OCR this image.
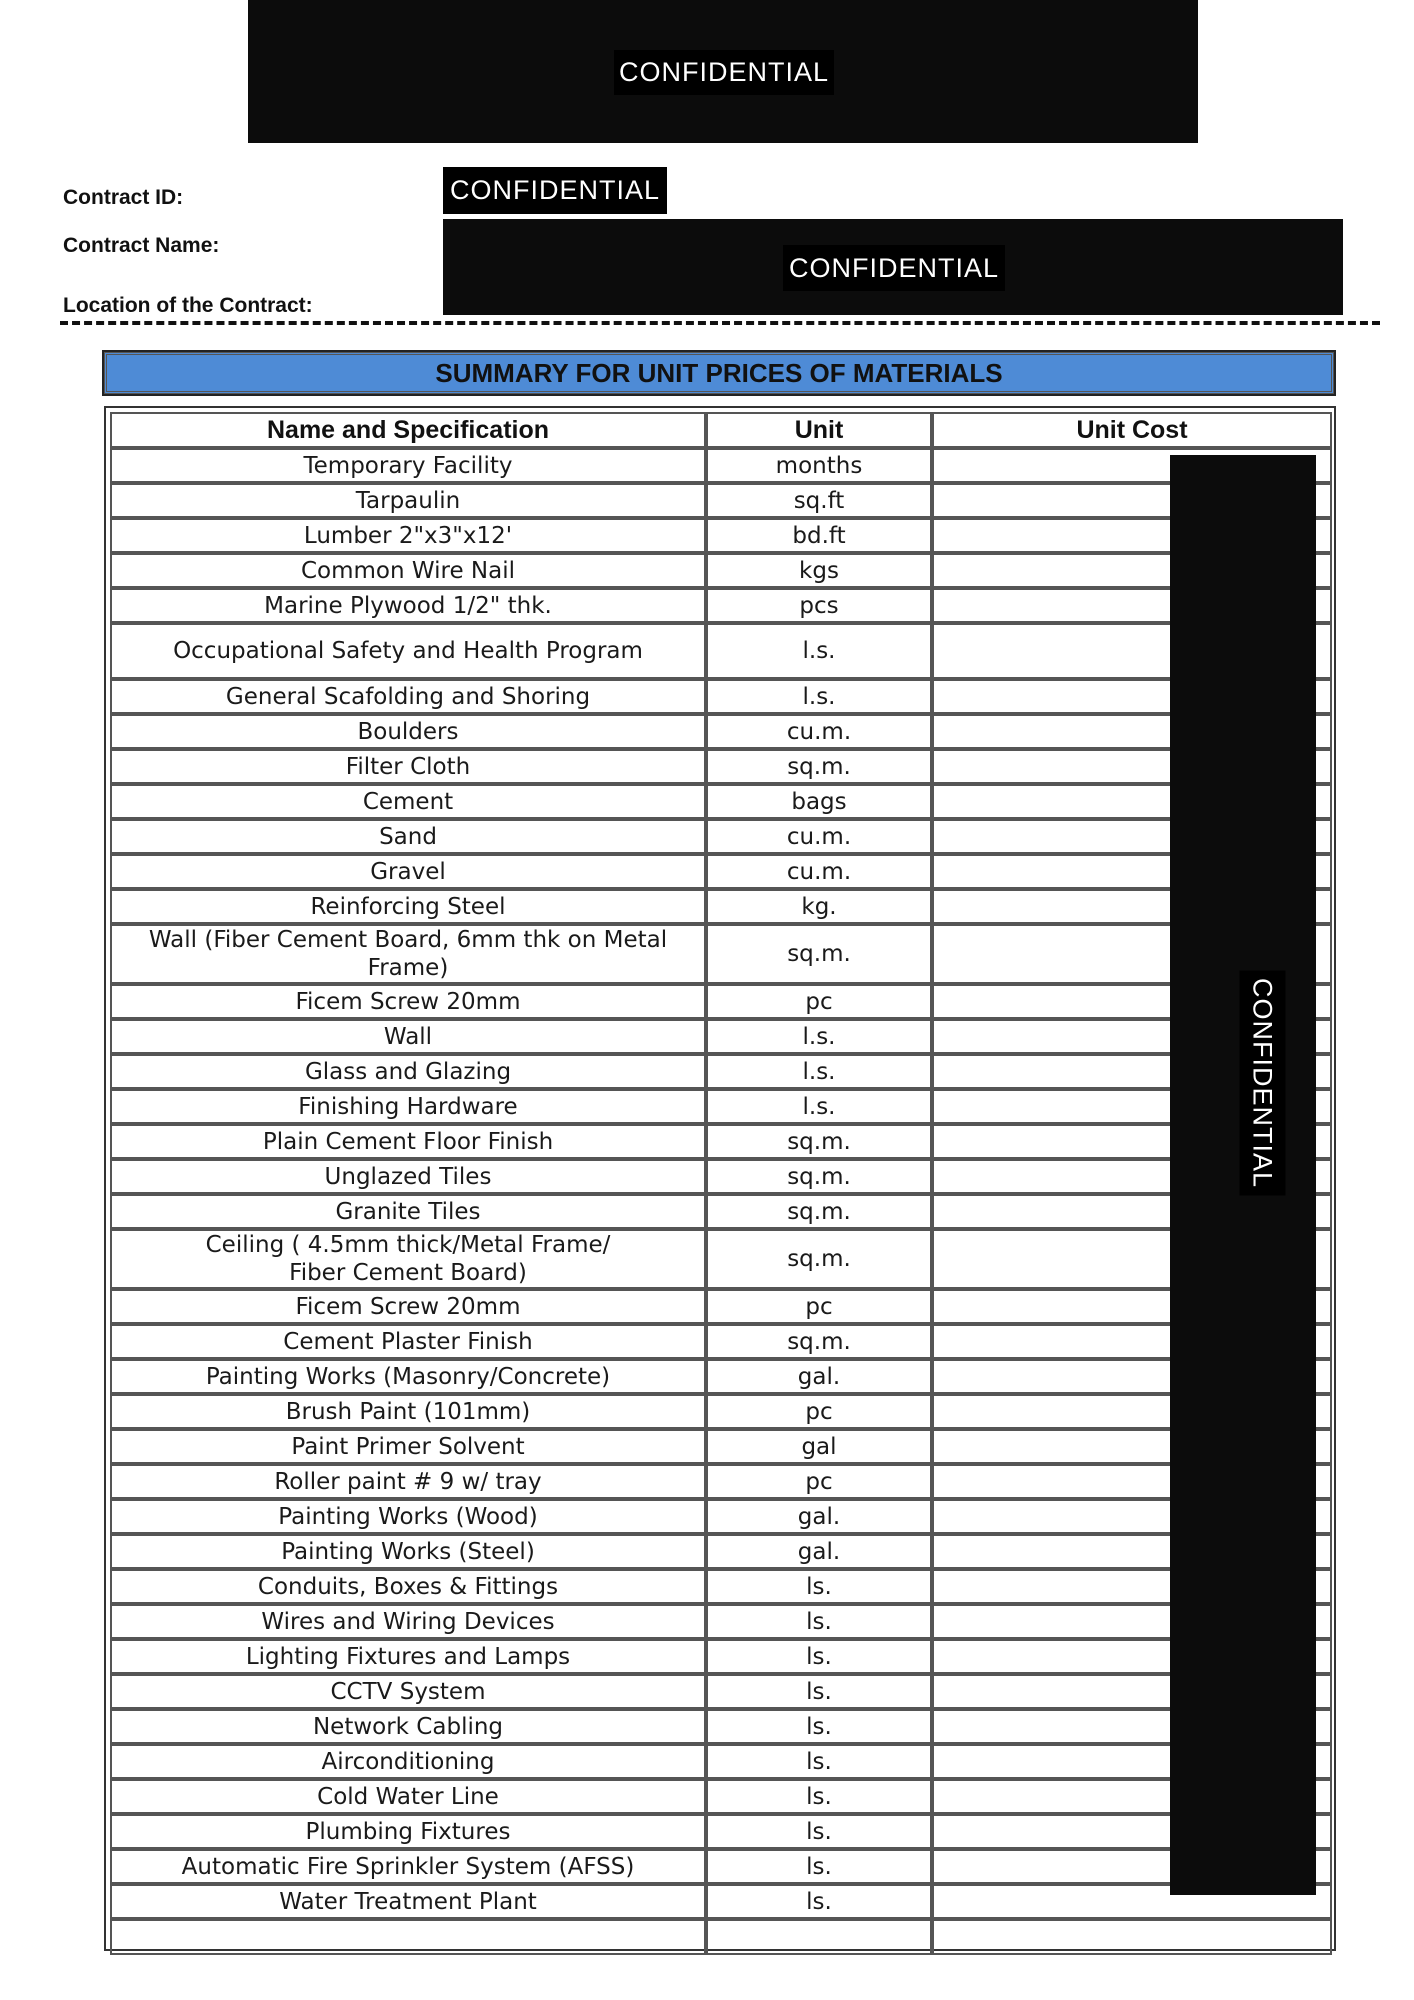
CONFIDENTIAL
Contract ID:	CONFIDENTIAL
Contract Name:
CONFIDENTIAL
Location of the Contract:
SUMMARY FOR UNIT PRICES OF MATERIALS
Name and Specification	Unit	Unit Cost
Temporary Facility	months	
Tarpaulin	sq.ft	
Lumber 2"x3"x12'	bd.ft	
Common Wire Nail	kgs	
Marine Plywood 1/2" thk.	pcs	
Occupational Safety and Health Program	l.s.	
General Scafolding and Shoring	l.s.	
Boulders	cu.m.	
Filter Cloth	sq.m.	
Cement	bags	
Sand	cu.m.	
Gravel	cu.m.	
Reinforcing Steel	kg.	
Wall (Fiber Cement Board, 6mm thk on Metal Frame)	sq.m.	
Ficem Screw 20mm	pc	
Wall	l.s.	
Glass and Glazing	l.s.	
Finishing Hardware	l.s.	
Plain Cement Floor Finish	sq.m.	
Unglazed Tiles	sq.m.	
Granite Tiles	sq.m.	
Ceiling ( 4.5mm thick/Metal Frame/ Fiber Cement Board)	sq.m.	
Ficem Screw 20mm	pc	
Cement Plaster Finish	sq.m.	
Painting Works (Masonry/Concrete)	gal.	
Brush Paint (101mm)	pc	
Paint Primer Solvent	gal	
Roller paint # 9 w/ tray	pc	
Painting Works (Wood)	gal.	
Painting Works (Steel)	gal.	
Conduits, Boxes & Fittings	ls.	
Wires and Wiring Devices	ls.	
Lighting Fixtures and Lamps	ls.	
CCTV System	ls.	
Network Cabling	ls.	
Airconditioning	ls.	
Cold Water Line	ls.	
Plumbing Fixtures	ls.	
Automatic Fire Sprinkler System (AFSS)	ls.	
Water Treatment Plant	ls.	

CONFIDENTIAL
